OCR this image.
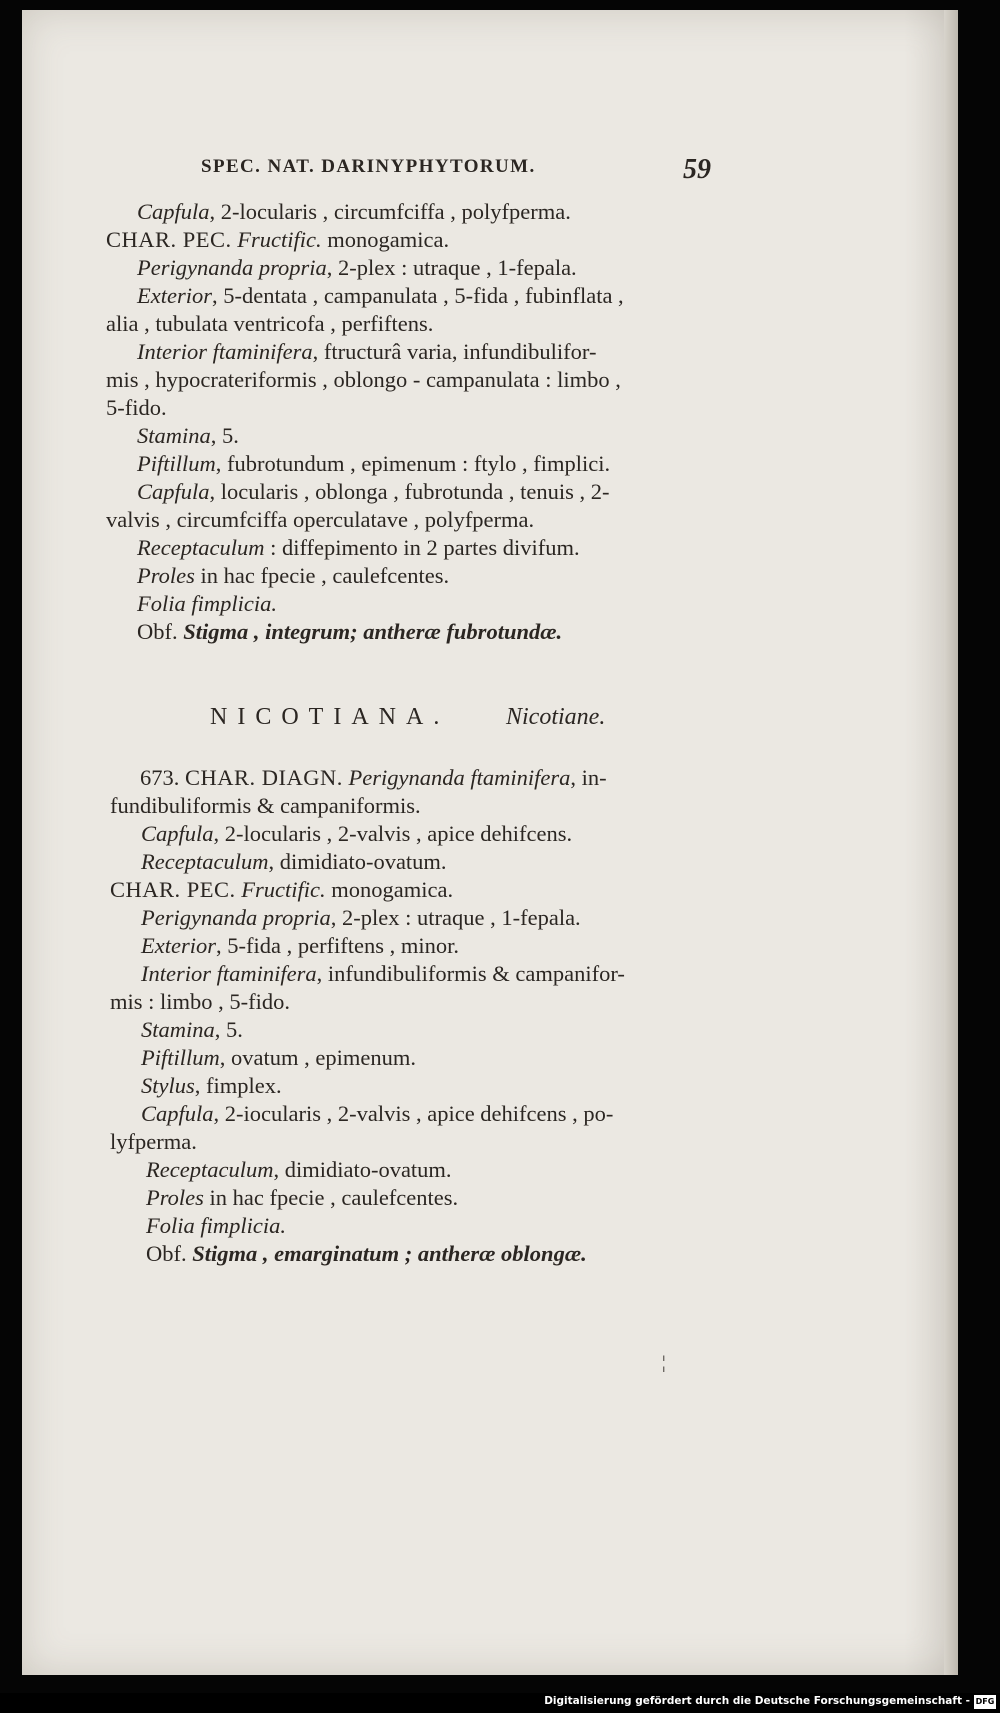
SPEC. NAT. DARINYPHYTORUM.	59
Capfula, 2-locularis , circumfciffa , polyfperma.
CHAR. PEC. Fructific. monogamica.
Perigynanda propria, 2-plex : utraque , 1-fepala.
Exterior, 5-dentata , campanulata , 5-fida , fubinflata ,
alia , tubulata ventricofa , perfiftens.
Interior ftaminifera, ftructurâ varia, infundibulifor-
mis , hypocrateriformis , oblongo - campanulata : limbo ,
5-fido.
Stamina, 5.
Piftillum, fubrotundum , epimenum : ftylo , fimplici.
Capfula, locularis , oblonga , fubrotunda , tenuis , 2-
valvis , circumfciffa operculatave , polyfperma.
Receptaculum : diffepimento in 2 partes divifum.
Proles in hac fpecie , caulefcentes.
Folia fimplicia.
Obf. Stigma , integrum; antheræ fubrotundæ.
NICOTIANA. Nicotiane.
673. CHAR. DIAGN. Perigynanda ftaminifera, in-
fundibuliformis & campaniformis.
Capfula, 2-locularis , 2-valvis , apice dehifcens.
Receptaculum, dimidiato-ovatum.
CHAR. PEC. Fructific. monogamica.
Perigynanda propria, 2-plex : utraque , 1-fepala.
Exterior, 5-fida , perfiftens , minor.
Interior ftaminifera, infundibuliformis & campanifor-
mis : limbo , 5-fido.
Stamina, 5.
Piftillum, ovatum , epimenum.
Stylus, fimplex.
Capfula, 2-iocularis , 2-valvis , apice dehifcens , po-
lyfperma.
Receptaculum, dimidiato-ovatum.
Proles in hac fpecie , caulefcentes.
Folia fimplicia.
Obf. Stigma , emarginatum ; antheræ oblongæ.
¦
Digitalisierung gefördert durch die Deutsche Forschungsgemeinschaft - DFG
